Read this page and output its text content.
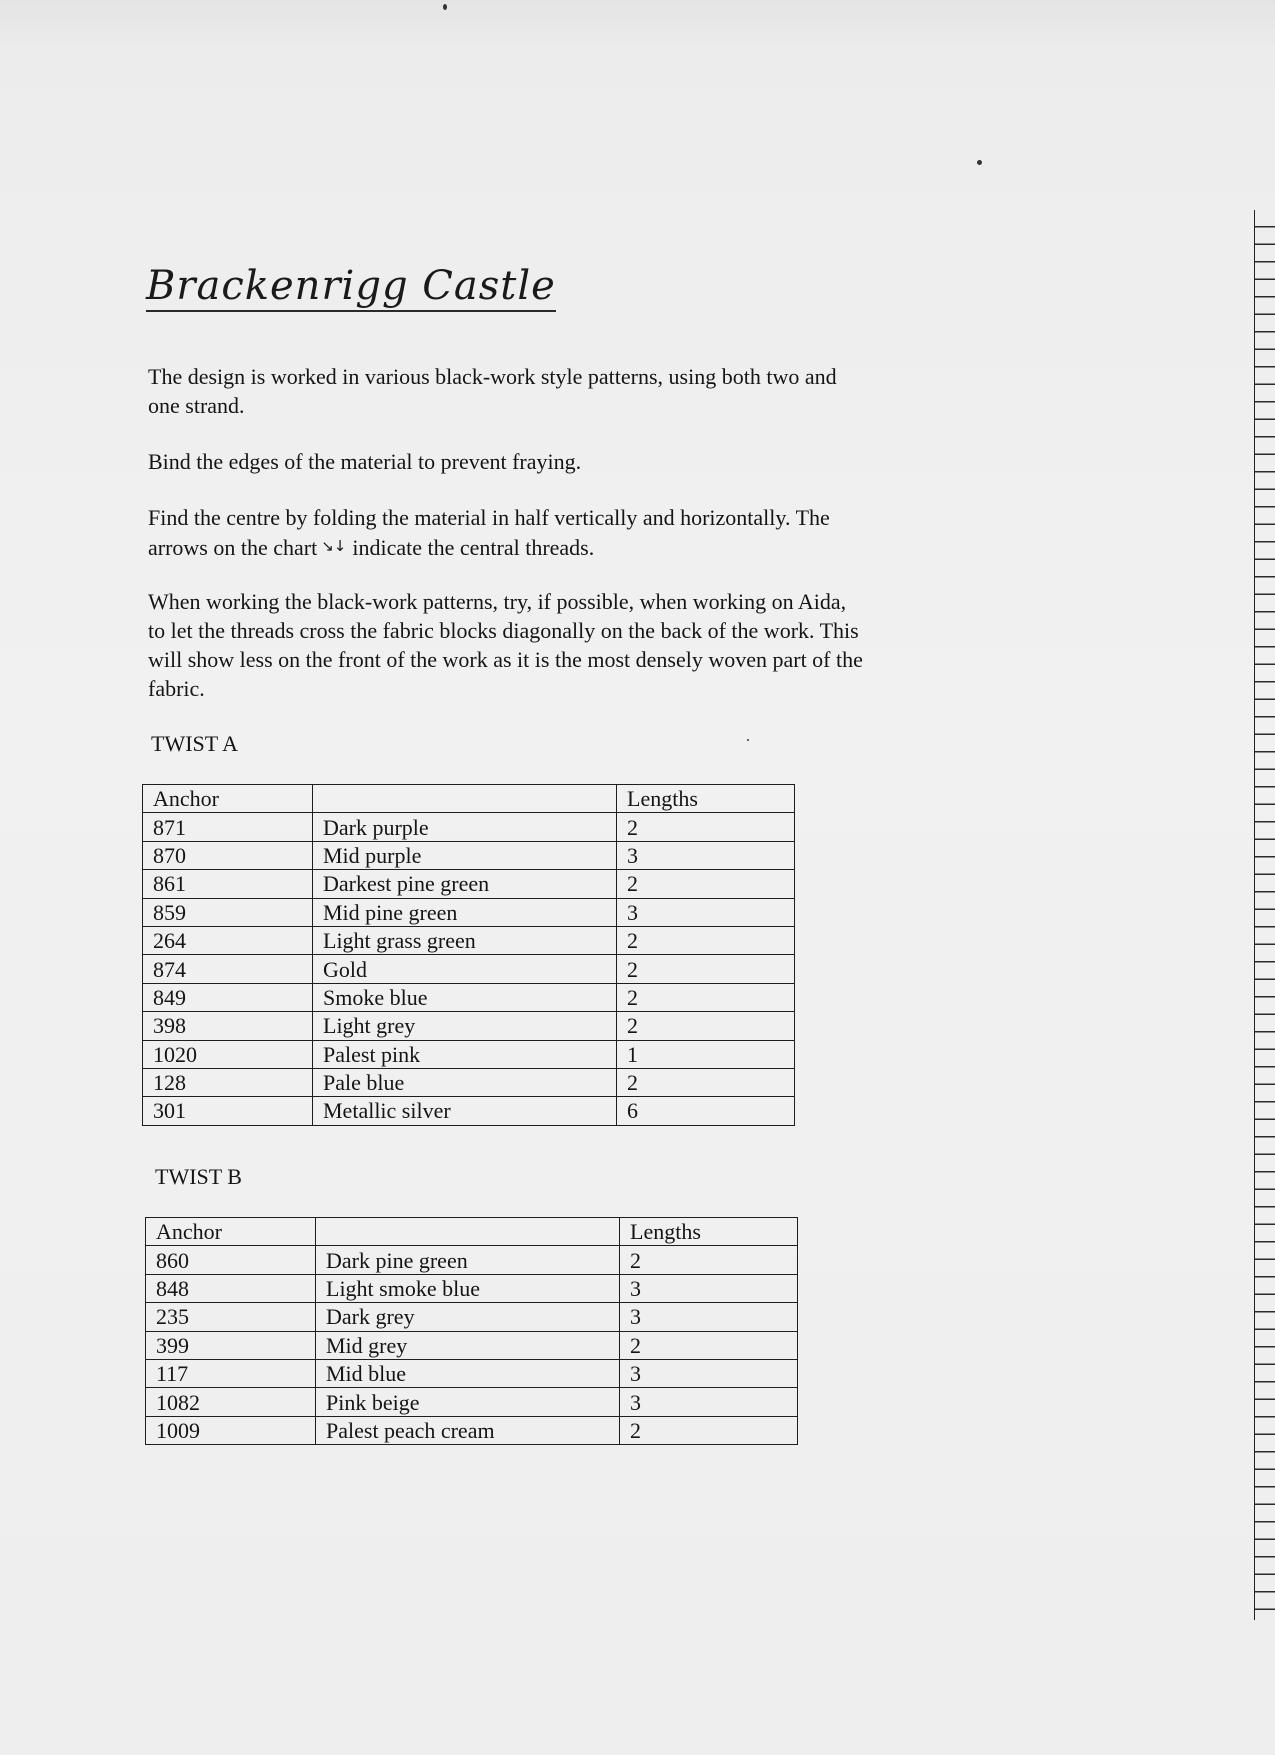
Brackenrigg Castle

The design is worked in various black-work style patterns, using both two and one strand.

Bind the edges of the material to prevent fraying.

Find the centre by folding the material in half vertically and horizontally. The arrows on the chart ↘↓ indicate the central threads.

When working the black-work patterns, try, if possible, when working on Aida, to let the threads cross the fabric blocks diagonally on the back of the work. This will show less on the front of the work as it is the most densely woven part of the fabric.

TWIST A
Anchor		Lengths
871	Dark purple	2
870	Mid purple	3
861	Darkest pine green	2
859	Mid pine green	3
264	Light grass green	2
874	Gold	2
849	Smoke blue	2
398	Light grey	2
1020	Palest pink	1
128	Pale blue	2
301	Metallic silver	6
TWIST B
Anchor		Lengths
860	Dark pine green	2
848	Light smoke blue	3
235	Dark grey	3
399	Mid grey	2
117	Mid blue	3
1082	Pink beige	3
1009	Palest peach cream	2
